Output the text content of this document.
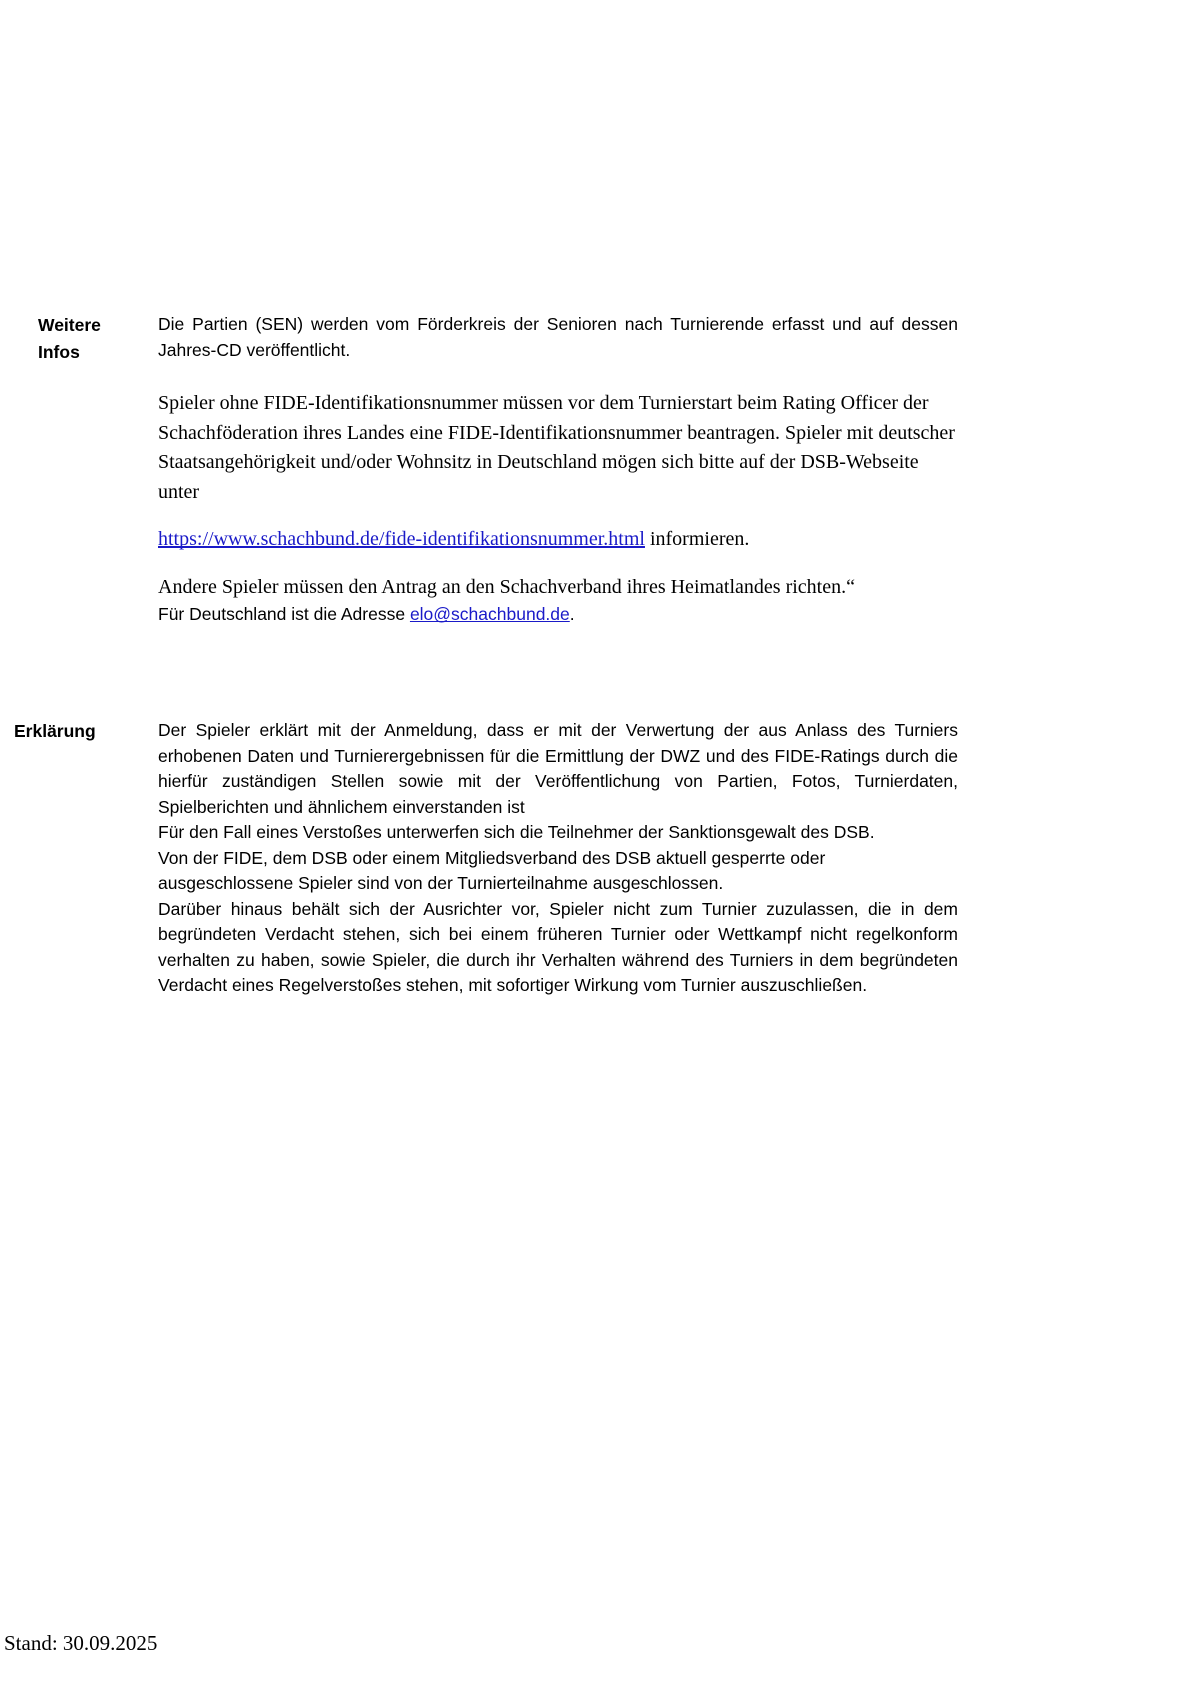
Weitere
Infos

Die Partien (SEN) werden vom Förderkreis der Senioren nach Turnierende erfasst und auf dessen Jahres-CD veröffentlicht.

Spieler ohne FIDE-Identifikationsnummer müssen vor dem Turnierstart beim Rating Officer der Schachföderation ihres Landes eine FIDE-Identifikationsnummer beantragen. Spieler mit deutscher Staatsangehörigkeit und/oder Wohnsitz in Deutschland mögen sich bitte auf der DSB-Webseite unter

https://www.schachbund.de/fide-identifikationsnummer.html informieren.

Andere Spieler müssen den Antrag an den Schachverband ihres Heimatlandes richten.“

Für Deutschland ist die Adresse elo@schachbund.de.

Erklärung	Der Spieler erklärt mit der Anmeldung, dass er mit der Verwertung der aus Anlass des Turniers erhobenen Daten und Turnierergebnissen für die Ermittlung der DWZ und des FIDE-Ratings durch die hierfür zuständigen Stellen sowie mit der Veröffentlichung von Partien, Fotos, Turnierdaten, Spielberichten und ähnlichem einverstanden ist

Für den Fall eines Verstoßes unterwerfen sich die Teilnehmer der Sanktionsgewalt des DSB.

Von der FIDE, dem DSB oder einem Mitgliedsverband des DSB aktuell gesperrte oder ausgeschlossene Spieler sind von der Turnierteilnahme ausgeschlossen.

Darüber hinaus behält sich der Ausrichter vor, Spieler nicht zum Turnier zuzulassen, die in dem begründeten Verdacht stehen, sich bei einem früheren Turnier oder Wettkampf nicht regelkonform verhalten zu haben, sowie Spieler, die durch ihr Verhalten während des Turniers in dem begründeten Verdacht eines Regelverstoßes stehen, mit sofortiger Wirkung vom Turnier auszuschließen.

Stand: 30.09.2025
